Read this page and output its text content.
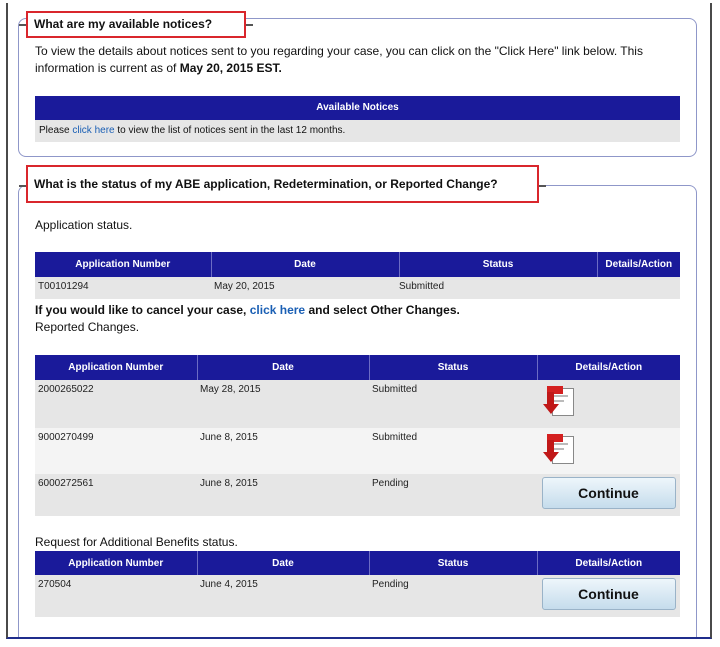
What are my available notices?
To view the details about notices sent to you regarding your case, you can click on the "Click Here" link below. This information is current as of May 20, 2015 EST.
Available Notices
Please click here to view the list of notices sent in the last 12 months.
What is the status of my ABE application, Redetermination, or Reported Change?
Application status.
Application Number	Date	Status	Details/Action
T00101294	May 20, 2015	Submitted	
If you would like to cancel your case, click here and select Other Changes.
Reported Changes.
Application Number	Date	Status	Details/Action
2000265022	May 28, 2015	Submitted	

9000270499	June 8, 2015	Submitted	

6000272561	June 8, 2015	Pending	Continue
Request for Additional Benefits status.
Application Number	Date	Status	Details/Action
270504	June 4, 2015	Pending	Continue
